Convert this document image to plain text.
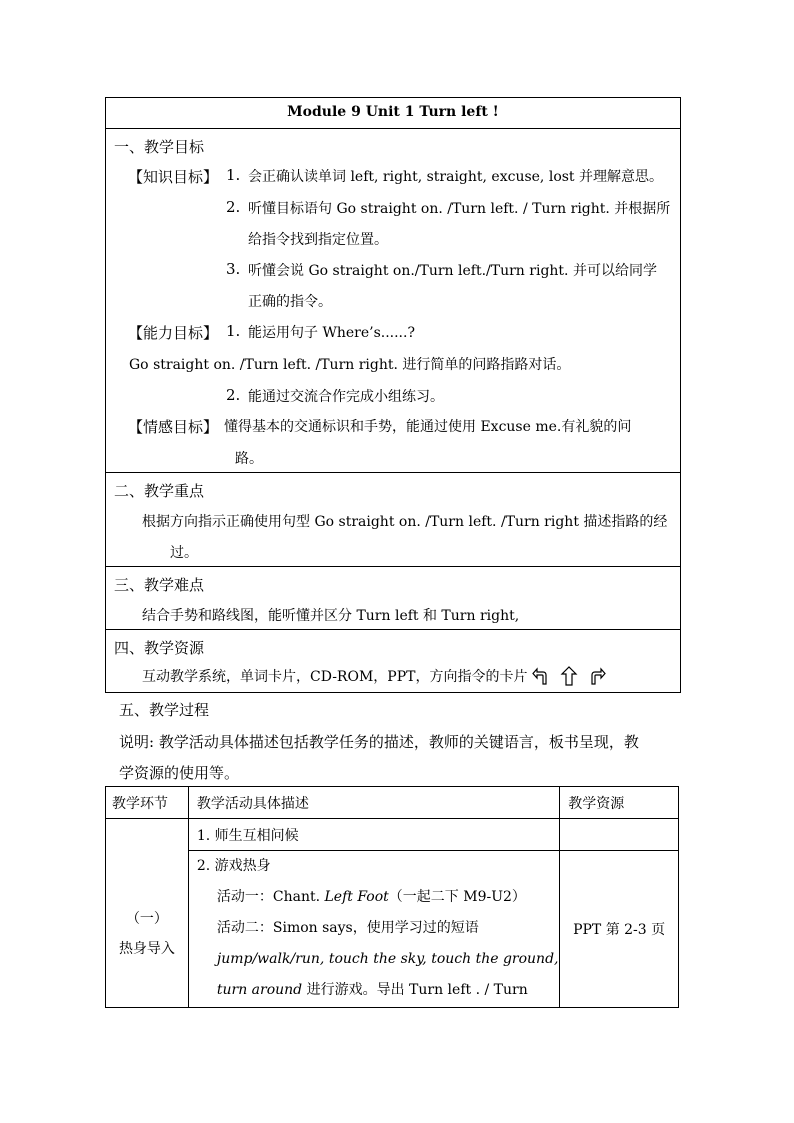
Module 9 Unit 1 Turn left !
一、教学目标
【知识目标】 1. 会正确认读单词 left, right, straight, excuse, lost 并理解意思。
2. 听懂目标语句 Go straight on. /Turn left. / Turn right. 并根据所
给指令找到指定位置。
3. 听懂会说 Go straight on./Turn left./Turn right. 并可以给同学
正确的指令。
【能力目标】 1. 能运用句子 Where’s......?
Go straight on. /Turn left. /Turn right. 进行简单的问路指路对话。
2. 能通过交流合作完成小组练习。
【情感目标】 懂得基本的交通标识和手势，能通过使用 Excuse me.有礼貌的问
路。
二、教学重点
根据方向指示正确使用句型 Go straight on. /Turn left. /Turn right 描述指路的经
过。
三、教学难点
结合手势和路线图，能听懂并区分 Turn left 和 Turn right,
四、教学资源
互动教学系统，单词卡片，CD-ROM，PPT，方向指令的卡片
五、教学过程
说明: 教学活动具体描述包括教学任务的描述，教师的关键语言，板书呈现，教
学资源的使用等。
教学环节	教学活动具体描述	教学资源

（一）
热身导入	1. 师生互相问候	

	2. 游戏热身
活动一：Chant. Left Foot（一起二下 M9-U2）
活动二：Simon says，使用学习过的短语
jump/walk/run, touch the sky, touch the ground,
turn around 进行游戏。导出 Turn left . / Turn	PPT 第 2-3 页
